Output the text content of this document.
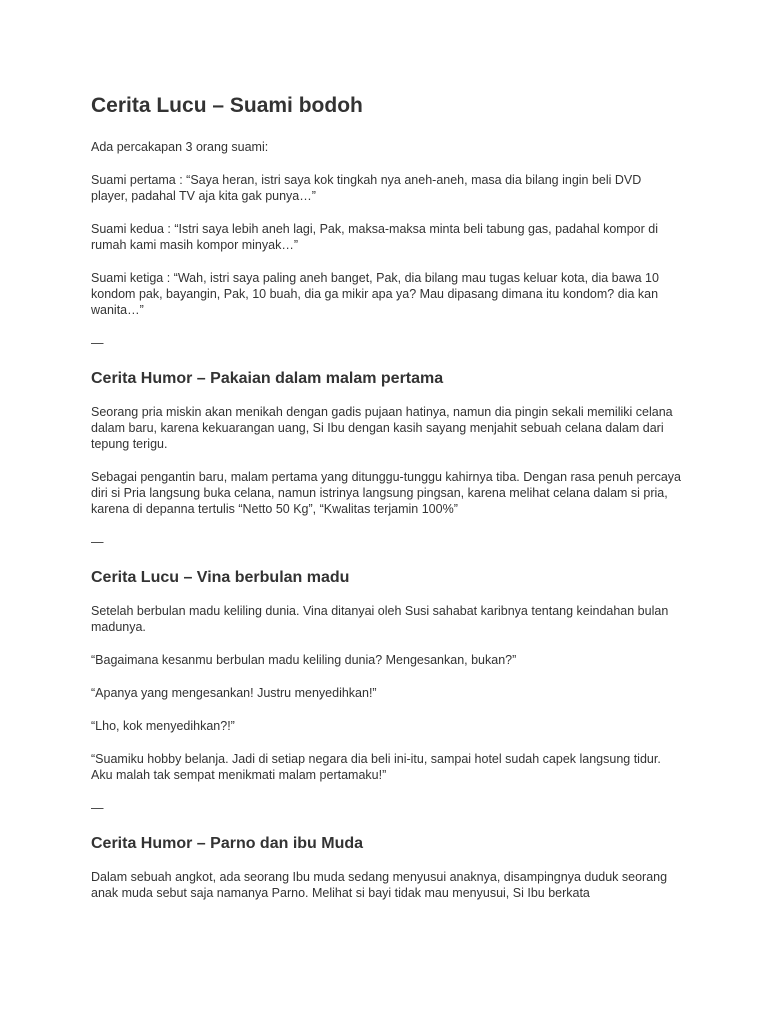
Cerita Lucu – Suami bodoh

Ada percakapan 3 orang suami:

Suami pertama : “Saya heran, istri saya kok tingkah nya aneh-aneh, masa dia bilang ingin beli DVD player, padahal TV aja kita gak punya…”

Suami kedua : “Istri saya lebih aneh lagi, Pak, maksa-maksa minta beli tabung gas, padahal kompor di rumah kami masih kompor minyak…”

Suami ketiga : “Wah, istri saya paling aneh banget, Pak, dia bilang mau tugas keluar kota, dia bawa 10 kondom pak, bayangin, Pak, 10 buah, dia ga mikir apa ya? Mau dipasang dimana itu kondom? dia kan wanita…”

—
Cerita Humor – Pakaian dalam malam pertama

Seorang pria miskin akan menikah dengan gadis pujaan hatinya, namun dia pingin sekali memiliki celana dalam baru, karena kekuarangan uang, Si Ibu dengan kasih sayang menjahit sebuah celana dalam dari tepung terigu.

Sebagai pengantin baru, malam pertama yang ditunggu-tunggu kahirnya tiba. Dengan rasa penuh percaya diri si Pria langsung buka celana, namun istrinya langsung pingsan, karena melihat celana dalam si pria, karena di depanna tertulis “Netto 50 Kg”, “Kwalitas terjamin 100%”

—
Cerita Lucu – Vina berbulan madu

Setelah berbulan madu keliling dunia. Vina ditanyai oleh Susi sahabat karibnya tentang keindahan bulan madunya.

“Bagaimana kesanmu berbulan madu keliling dunia? Mengesankan, bukan?”

“Apanya yang mengesankan! Justru menyedihkan!”

“Lho, kok menyedihkan?!”

“Suamiku hobby belanja. Jadi di setiap negara dia beli ini-itu, sampai hotel sudah capek langsung tidur. Aku malah tak sempat menikmati malam pertamaku!”

—
Cerita Humor – Parno dan ibu Muda

Dalam sebuah angkot, ada seorang Ibu muda sedang menyusui anaknya, disampingnya duduk seorang anak muda sebut saja namanya Parno. Melihat si bayi tidak mau menyusui, Si Ibu berkata
